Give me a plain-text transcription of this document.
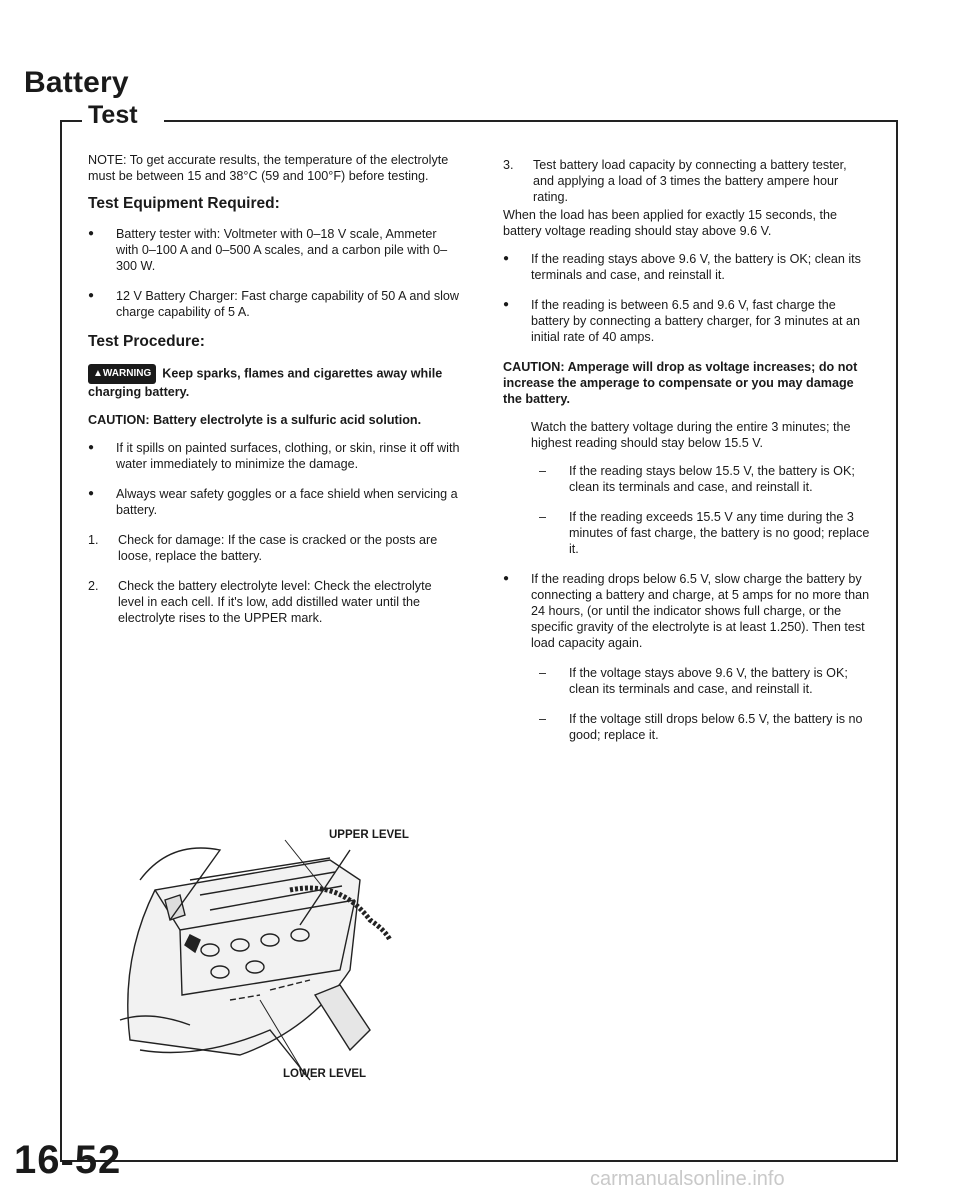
Battery
Test

NOTE: To get accurate results, the temperature of the electrolyte must be between 15 and 38°C (59 and 100°F) before testing.

Test Equipment Required:
● Battery tester with: Voltmeter with 0–18 V scale, Ammeter with 0–100 A and 0–500 A scales, and a carbon pile with 0–300 W.
● 12 V Battery Charger: Fast charge capability of 50 A and slow charge capability of 5 A.
Test Procedure:

▲WARNING Keep sparks, flames and cigarettes away while charging battery.

CAUTION: Battery electrolyte is a sulfuric acid solution.

● If it spills on painted surfaces, clothing, or skin, rinse it off with water immediately to minimize the damage.
● Always wear safety goggles or a face shield when servicing a battery.
1. Check for damage: If the case is cracked or the posts are loose, replace the battery.
2. Check the battery electrolyte level: Check the electrolyte level in each cell. If it's low, add distilled water until the electrolyte rises to the UPPER mark.
UPPER LEVEL
LOWER LEVEL
3. Test battery load capacity by connecting a battery tester, and applying a load of 3 times the battery ampere hour rating.

When the load has been applied for exactly 15 seconds, the battery voltage reading should stay above 9.6 V.

● If the reading stays above 9.6 V, the battery is OK; clean its terminals and case, and reinstall it.
● If the reading is between 6.5 and 9.6 V, fast charge the battery by connecting a battery charger, for 3 minutes at an initial rate of 40 amps.

CAUTION: Amperage will drop as voltage increases; do not increase the amperage to compensate or you may damage the battery.

Watch the battery voltage during the entire 3 minutes; the highest reading should stay below 15.5 V.

– If the reading stays below 15.5 V, the battery is OK; clean its terminals and case, and reinstall it.
– If the reading exceeds 15.5 V any time during the 3 minutes of fast charge, the battery is no good; replace it.
● If the reading drops below 6.5 V, slow charge the battery by connecting a battery and charge, at 5 amps for no more than 24 hours, (or until the indicator shows full charge, or the specific gravity of the electrolyte is at least 1.250). Then test load capacity again.
– If the voltage stays above 9.6 V, the battery is OK; clean its terminals and case, and reinstall it.
– If the voltage still drops below 6.5 V, the battery is no good; replace it.
16-52	carmanualsonline.info
